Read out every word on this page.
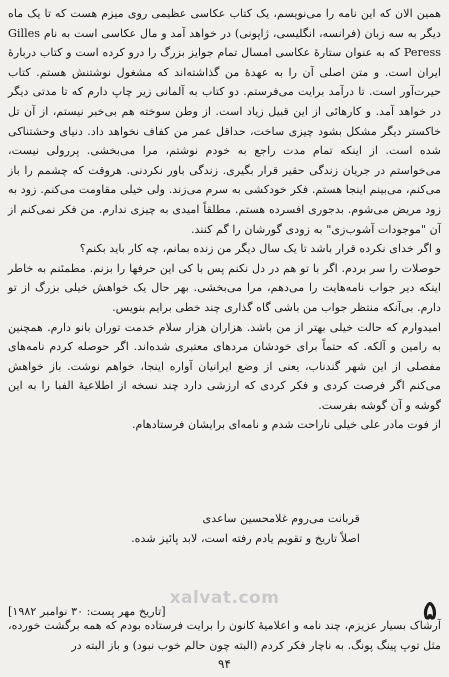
همین الان که این نامه را می‌نویسم، یک کتاب عکاسی عظیمی روی میزم هست که تا یک ماه دیگر به سه زبان (فرانسه، انگلیسی، ژاپونی) در خواهد آمد و مال عکاسی است به نام Gilles Peress که به عنوان ستارهٔ عکاسی امسال تمام جوایز بزرگ را درو کرده است و کتاب دربارهٔ ایران است. و متن اصلی آن را به عهدهٔ من گذاشته‌اند که مشغول نوشتنش هستم. کتاب حیرت‌آور است. تا درآمد برایت می‌فرستم. دو کتاب به آلمانی زیر چاپ دارم که تا مدتی دیگر در خواهد آمد. و کارهائی از این قبیل زیاد است. از وطن سوخته هم بی‌خبر نیستم، از آن تل خاکستر دیگر مشکل بشود چیزی ساخت، حداقل عمر من کفاف نخواهد داد. دنیای وحشتناکی شده است. از اینکه تمام مدت راجع به خودم نوشتم، مرا می‌بخشی. پررولی نیست، می‌خواستم در جریان زندگی حقیر قرار بگیری. زندگی باور نکردنی. هروقت که چشمم را باز می‌کنم، می‌بینم اینجا هستم. فکر خودکشی به سرم می‌زند. ولی خیلی مقاومت می‌کنم. زود به زود مریض می‌شوم. بدجوری افسرده هستم. مطلقاً امیدی به چیزی ندارم. من فکر نمی‌کنم از آن "موجودات آشوب‌زی" به زودی گورشان را گم کنند.

و اگر خدای نکرده قرار باشد تا یک سال دیگر من زنده بمانم، چه کار باید بکنم؟

حوصلات را سر بردم. اگر با تو هم در دل نکنم پس با کی این حرفها را بزنم. مطمئنم به خاطر اینکه دیر جواب نامه‌هایت را می‌دهم، مرا می‌بخشی. بهر حال یک خواهش خیلی بزرگ از تو دارم. بی‌آنکه منتظر جواب من باشی گاه گذاری چند خطی برایم بنویس.

امیدوارم که حالت خیلی بهتر از من باشد. هزاران هزار سلام خدمت توران بانو دارم. همچنین به رامین و آلکه. که حتماً برای خودشان مردهای معتبری شده‌اند. اگر حوصله کردم نامه‌های مفصلی از این شهر گندناب، یعنی از وضع ایرانیان آواره اینجا، خواهم نوشت. باز خواهش می‌کنم اگر فرصت کردی و فکر کردی که ارزشی دارد چند نسخه از اطلاعیهٔ الفبا را به این گوشه و آن گوشه بفرست.

از فوت مادر علی خیلی ناراحت شدم و نامه‌ای برایشان فرستادهام.

قربانت می‌روم غلامحسین ساعدی

اصلاً تاریخ و تقویم یادم رفته است، لابد پائیز شده.

xalvat.com	۵
[تاریخ مهر پست: ۳۰ نوامبر ۱۹۸۲]

آرشاک بسیار عزیزم، چند نامه و اعلامیهٔ کانون را برایت فرستاده بودم که همه برگشت خورده، مثل توپ پینگ پونگ. به ناچار فکر کردم (البته چون حالم خوب نبود) و باز البته در

۹۴
